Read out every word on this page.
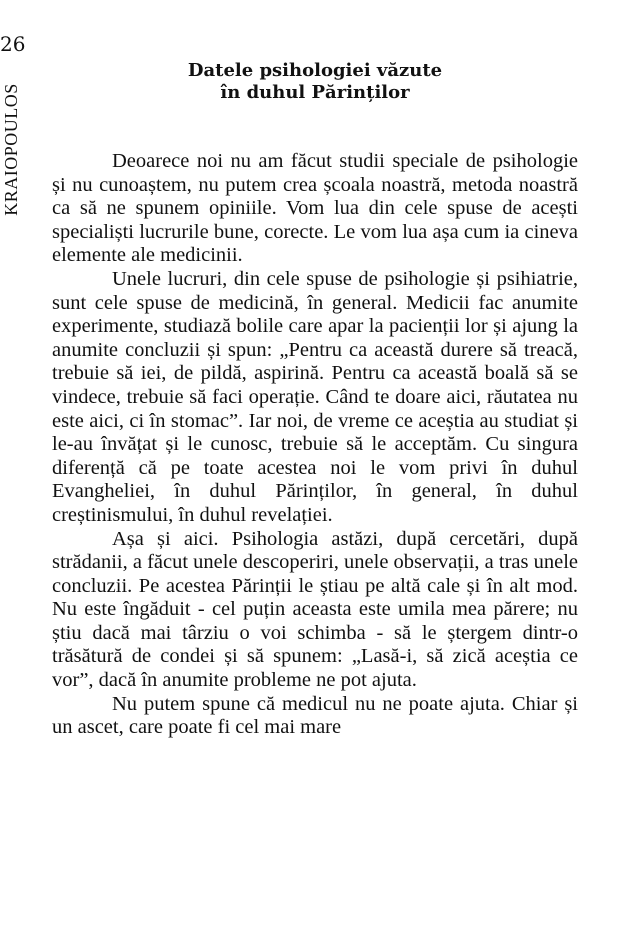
26
KRAIOPOULOS
Datele psihologiei văzute
în duhul Părinților

Deoarece noi nu am făcut studii speciale de psihologie și nu cunoaștem, nu putem crea școala noastră, metoda noastră ca să ne spunem opiniile. Vom lua din cele spuse de acești specialiști lucrurile bune, corecte. Le vom lua așa cum ia cineva elemente ale medicinii.

Unele lucruri, din cele spuse de psihologie și psihiatrie, sunt cele spuse de medicină, în general. Medicii fac anumite experimente, studiază bolile care apar la pacienții lor și ajung la anumite concluzii și spun: „Pentru ca această durere să treacă, trebuie să iei, de pildă, aspirină. Pentru ca această boală să se vindece, trebuie să faci operație. Când te doare aici, răutatea nu este aici, ci în stomac”. Iar noi, de vreme ce aceștia au studiat și le-au învățat și le cunosc, trebuie să le acceptăm. Cu singura diferență că pe toate acestea noi le vom privi în duhul Evangheliei, în duhul Părinților, în general, în duhul creștinismului, în duhul revelației.

Așa și aici. Psihologia astăzi, după cercetări, după strădanii, a făcut unele descoperiri, unele observații, a tras unele concluzii. Pe acestea Părinții le știau pe altă cale și în alt mod. Nu este îngăduit - cel puțin aceasta este umila mea părere; nu știu dacă mai târziu o voi schimba - să le ștergem dintr-o trăsătură de condei și să spunem: „Lasă-i, să zică aceștia ce vor”, dacă în anumite probleme ne pot ajuta.

Nu putem spune că medicul nu ne poate ajuta. Chiar și un ascet, care poate fi cel mai mare
